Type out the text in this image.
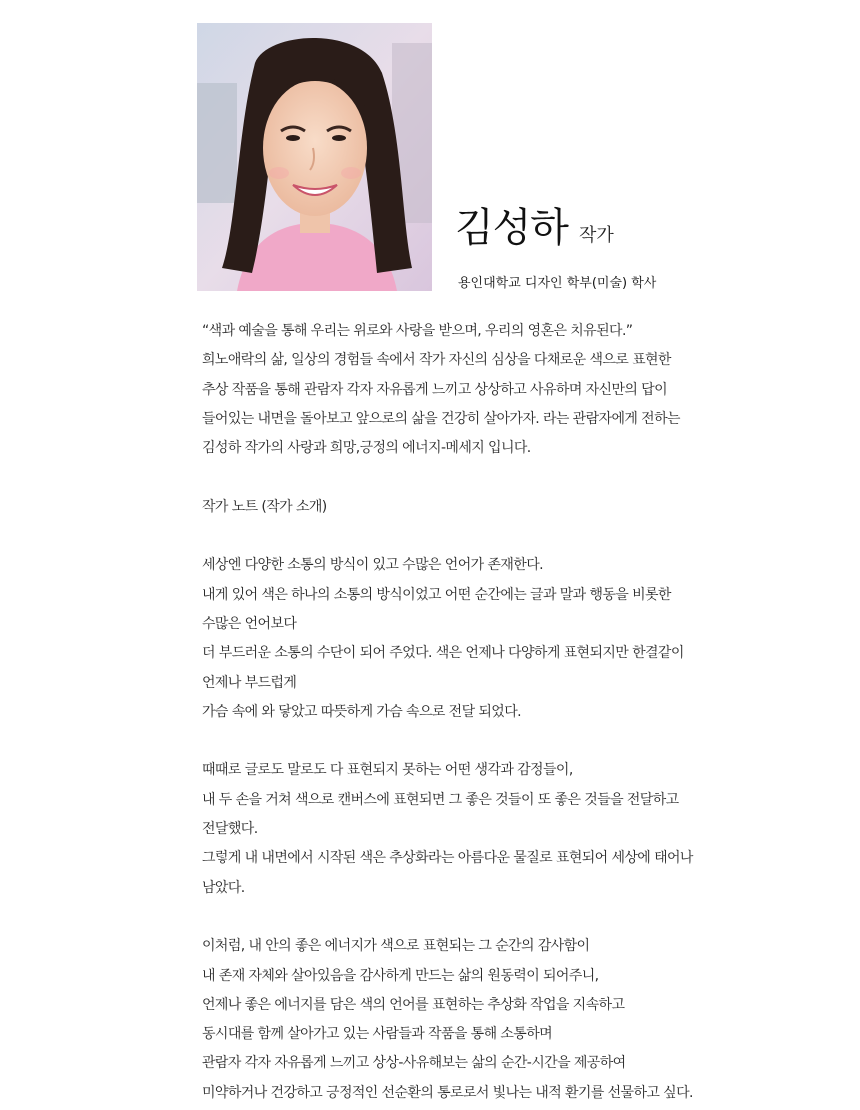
김성하 작가
용인대학교 디자인 학부(미술) 학사
“색과 예술을 통해 우리는 위로와 사랑을 받으며, 우리의 영혼은 치유된다.”
희노애락의 삶, 일상의 경험들 속에서 작가 자신의 심상을 다채로운 색으로 표현한
추상 작품을 통해 관람자 각자 자유롭게 느끼고 상상하고 사유하며 자신만의 답이
들어있는 내면을 돌아보고 앞으로의 삶을 건강히 살아가자. 라는 관람자에게 전하는
김성하 작가의 사랑과 희망,긍정의 에너지-메세지 입니다.
작가 노트 (작가 소개)
세상엔 다양한 소통의 방식이 있고 수많은 언어가 존재한다.
내게 있어 색은 하나의 소통의 방식이었고 어떤 순간에는 글과 말과 행동을 비롯한
수많은 언어보다
더 부드러운 소통의 수단이 되어 주었다. 색은 언제나 다양하게 표현되지만 한결같이
언제나 부드럽게
가슴 속에 와 닿았고 따뜻하게 가슴 속으로 전달 되었다.
때때로 글로도 말로도 다 표현되지 못하는 어떤 생각과 감정들이,
내 두 손을 거쳐 색으로 캔버스에 표현되면 그 좋은 것들이 또 좋은 것들을 전달하고
전달했다.
그렇게 내 내면에서 시작된 색은 추상화라는 아름다운 물질로 표현되어 세상에 태어나
남았다.
이처럼, 내 안의 좋은 에너지가 색으로 표현되는 그 순간의 감사함이
내 존재 자체와 살아있음을 감사하게 만드는 삶의 원동력이 되어주니,
언제나 좋은 에너지를 담은 색의 언어를 표현하는 추상화 작업을 지속하고
동시대를 함께 살아가고 있는 사람들과 작품을 통해 소통하며
관람자 각자 자유롭게 느끼고 상상-사유해보는 삶의 순간-시간을 제공하여
미약하거나 건강하고 긍정적인 선순환의 통로로서 빛나는 내적 환기를 선물하고 싶다.
